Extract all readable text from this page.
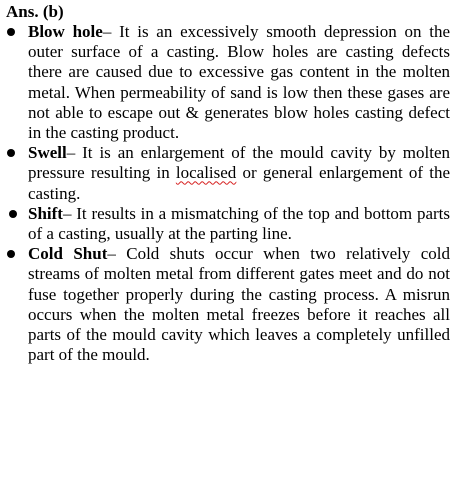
Ans. (b)

Blow hole– It is an excessively smooth depression on the outer surface of a casting. Blow holes are casting defects there are caused due to excessive gas content in the molten metal. When permeability of sand is low then these gases are not able to escape out & generates blow holes casting defect in the casting product.
Swell– It is an enlargement of the mould cavity by molten pressure resulting in localised or general enlargement of the casting.
Shift– It results in a mismatching of the top and bottom parts of a casting, usually at the parting line.
Cold Shut– Cold shuts occur when two relatively cold streams of molten metal from different gates meet and do not fuse together properly during the casting process. A misrun occurs when the molten metal freezes before it reaches all parts of the mould cavity which leaves a completely unfilled part of the mould.
